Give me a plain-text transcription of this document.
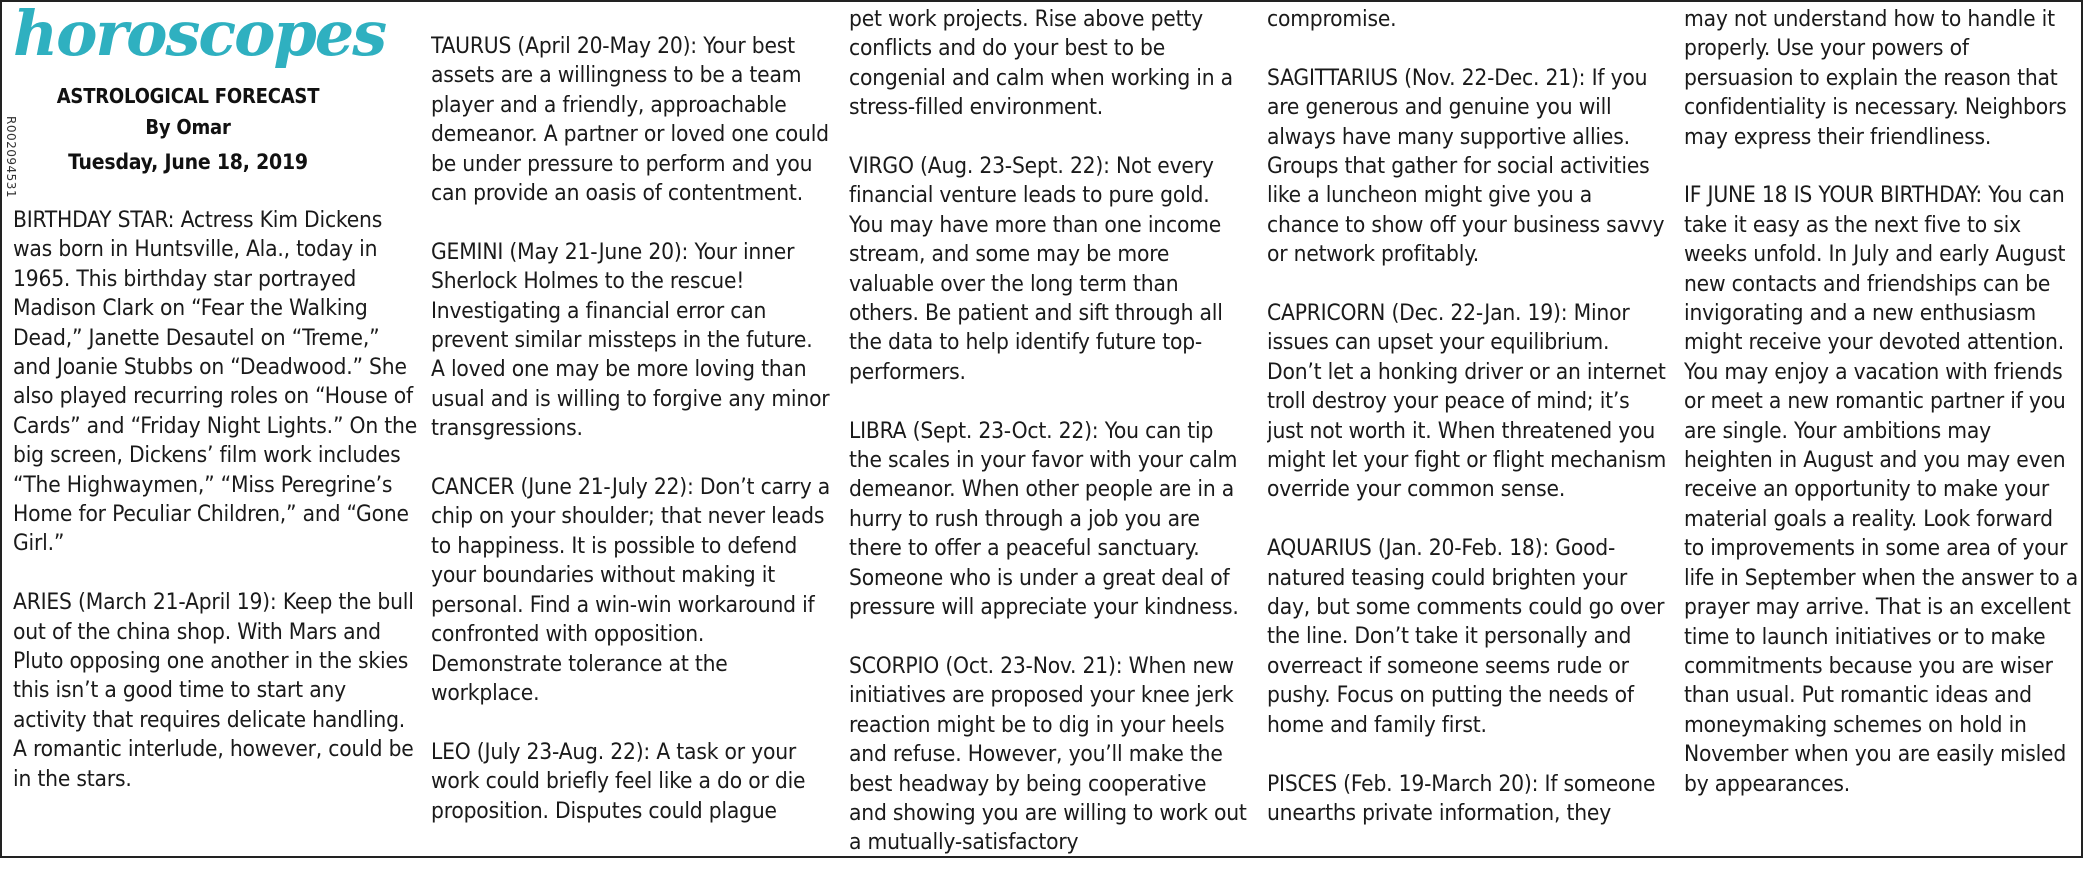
R002094531
horoscopes
ASTROLOGICAL FORECAST
By Omar
Tuesday, June 18, 2019

BIRTHDAY STAR: Actress Kim Dickens was born in Huntsville, Ala., today in 1965. This birthday star portrayed Madison Clark on “Fear the Walking Dead,” Janette Desautel on “Treme,” and Joanie Stubbs on “Deadwood.” She also played recurring roles on “House of Cards” and “Friday Night Lights.” On the big screen, Dickens’ film work includes “The Highwaymen,” “Miss Peregrine’s Home for Peculiar Children,” and “Gone Girl.”

ARIES (March 21-April 19): Keep the bull out of the china shop. With Mars and Pluto opposing one another in the skies this isn’t a good time to start any activity that requires delicate handling. A romantic interlude, however, could be in the stars.

TAURUS (April 20-May 20): Your best assets are a willingness to be a team player and a friendly, approachable demeanor. A partner or loved one could be under pressure to perform and you can provide an oasis of contentment.

GEMINI (May 21-June 20): Your inner Sherlock Holmes to the rescue! Investigating a financial error can prevent similar missteps in the future. A loved one may be more loving than usual and is willing to forgive any minor transgressions.

CANCER (June 21-July 22): Don’t carry a chip on your shoulder; that never leads to happiness. It is possible to defend your boundaries without making it personal. Find a win-win workaround if confronted with opposition. Demonstrate tolerance at the workplace.

LEO (July 23-Aug. 22): A task or your work could briefly feel like a do or die proposition. Disputes could plague

pet work projects. Rise above petty conflicts and do your best to be congenial and calm when working in a stress-filled environment.

VIRGO (Aug. 23-Sept. 22): Not every financial venture leads to pure gold. You may have more than one income stream, and some may be more valuable over the long term than others. Be patient and sift through all the data to help identify future top-performers.

LIBRA (Sept. 23-Oct. 22): You can tip the scales in your favor with your calm demeanor. When other people are in a hurry to rush through a job you are there to offer a peaceful sanctuary. Someone who is under a great deal of pressure will appreciate your kindness.

SCORPIO (Oct. 23-Nov. 21): When new initiatives are proposed your knee jerk reaction might be to dig in your heels and refuse. However, you’ll make the best headway by being cooperative and showing you are willing to work out a mutually-satisfactory

compromise.

SAGITTARIUS (Nov. 22-Dec. 21): If you are generous and genuine you will always have many supportive allies. Groups that gather for social activities like a luncheon might give you a chance to show off your business savvy or network profitably.

CAPRICORN (Dec. 22-Jan. 19): Minor issues can upset your equilibrium. Don’t let a honking driver or an internet troll destroy your peace of mind; it’s just not worth it. When threatened you might let your fight or flight mechanism override your common sense.

AQUARIUS (Jan. 20-Feb. 18): Good-natured teasing could brighten your day, but some comments could go over the line. Don’t take it personally and overreact if someone seems rude or pushy. Focus on putting the needs of home and family first.

PISCES (Feb. 19-March 20): If someone unearths private information, they

may not understand how to handle it properly. Use your powers of persuasion to explain the reason that confidentiality is necessary. Neighbors may express their friendliness.

IF JUNE 18 IS YOUR BIRTHDAY: You can take it easy as the next five to six weeks unfold. In July and early August new contacts and friendships can be invigorating and a new enthusiasm might receive your devoted attention. You may enjoy a vacation with friends or meet a new romantic partner if you are single. Your ambitions may heighten in August and you may even receive an opportunity to make your material goals a reality. Look forward to improvements in some area of your life in September when the answer to a prayer may arrive. That is an excellent time to launch initiatives or to make commitments because you are wiser than usual. Put romantic ideas and moneymaking schemes on hold in November when you are easily misled by appearances.
